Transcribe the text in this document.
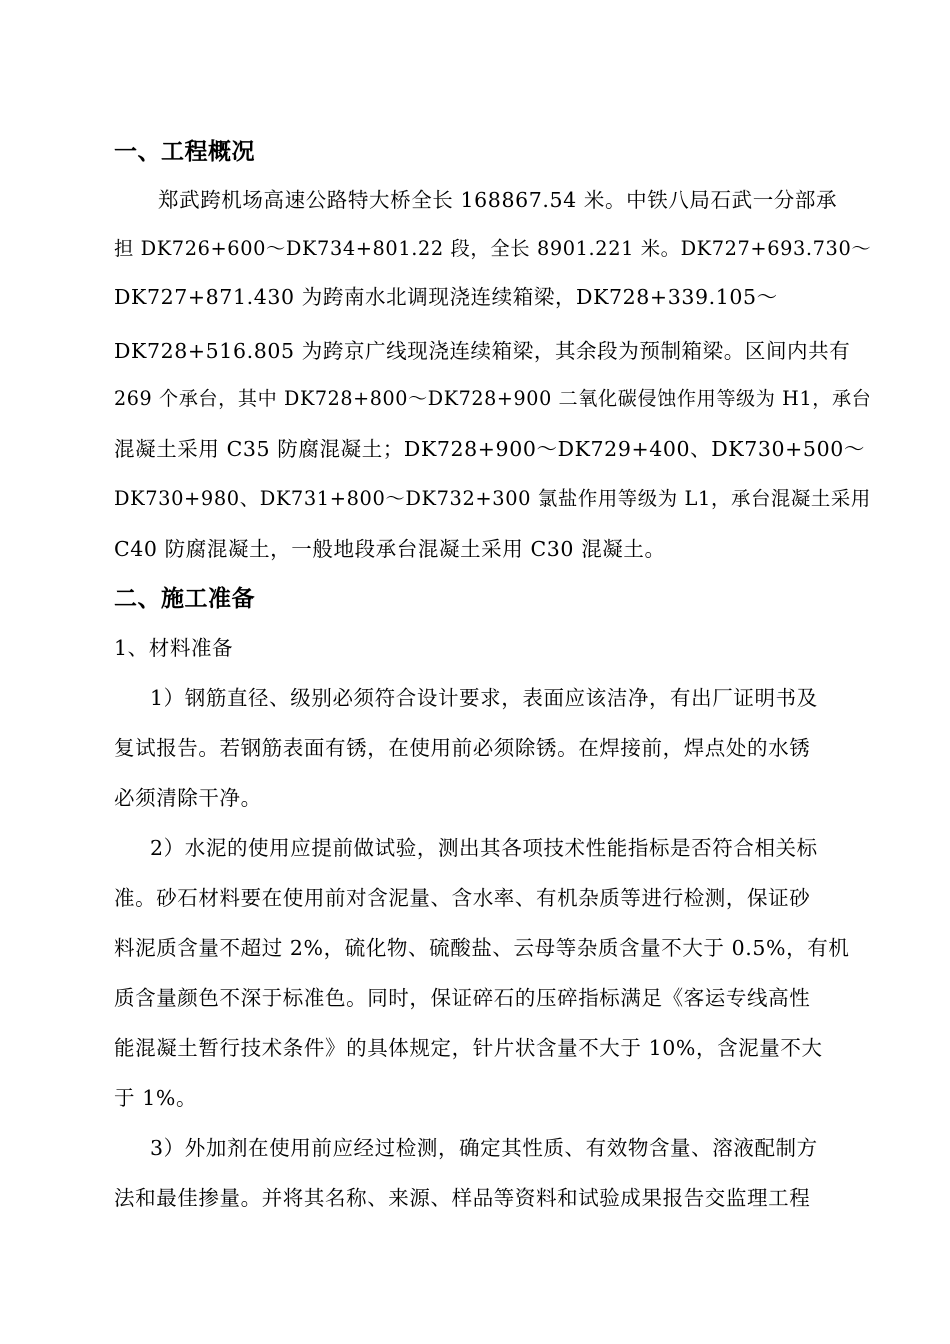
一、工程概况
郑武跨机场高速公路特大桥全长 168867.54 米。中铁八局石武一分部承
担 DK726+600～DK734+801.22 段，全长 8901.221 米。DK727+693.730～
DK727+871.430 为跨南水北调现浇连续箱梁，DK728+339.105～
DK728+516.805 为跨京广线现浇连续箱梁，其余段为预制箱梁。区间内共有
269 个承台，其中 DK728+800～DK728+900 二氧化碳侵蚀作用等级为 H1，承台
混凝土采用 C35 防腐混凝土；DK728+900～DK729+400、DK730+500～
DK730+980、DK731+800～DK732+300 氯盐作用等级为 L1，承台混凝土采用
C40 防腐混凝土，一般地段承台混凝土采用 C30 混凝土。
二、施工准备
1、材料准备
1）钢筋直径、级别必须符合设计要求，表面应该洁净，有出厂证明书及
复试报告。若钢筋表面有锈，在使用前必须除锈。在焊接前，焊点处的水锈
必须清除干净。
2）水泥的使用应提前做试验，测出其各项技术性能指标是否符合相关标
准。砂石材料要在使用前对含泥量、含水率、有机杂质等进行检测，保证砂
料泥质含量不超过 2%，硫化物、硫酸盐、云母等杂质含量不大于 0.5%，有机
质含量颜色不深于标准色。同时，保证碎石的压碎指标满足《客运专线高性
能混凝土暂行技术条件》的具体规定，针片状含量不大于 10%，含泥量不大
于 1%。
3）外加剂在使用前应经过检测，确定其性质、有效物含量、溶液配制方
法和最佳掺量。并将其名称、来源、样品等资料和试验成果报告交监理工程
